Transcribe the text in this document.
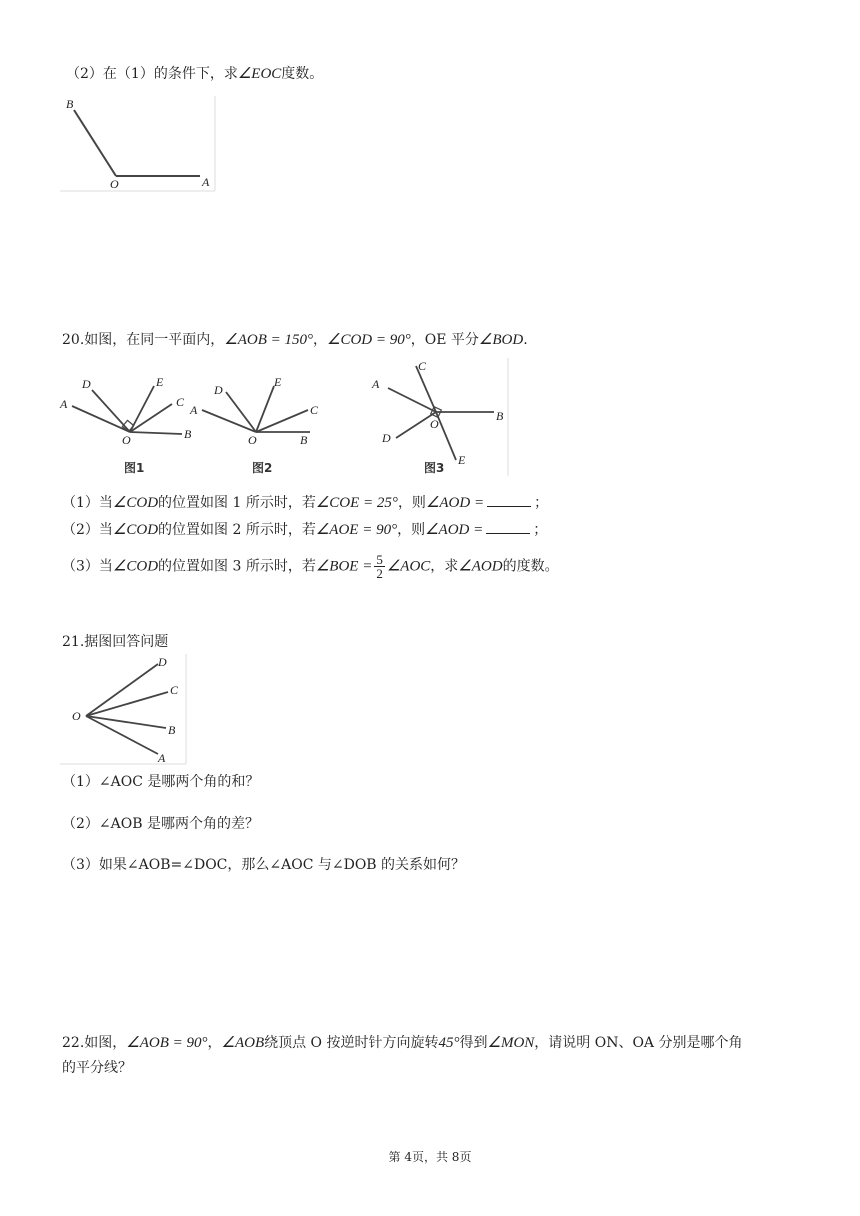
（2）在（1）的条件下，求∠EOC度数。
B
O	A
20.如图，在同一平面内，∠AOB = 150°，∠COD = 90°，OE 平分∠BOD.
A
D	E
C
B
O
图1
A
D
E
C
B
O
图2
A
C
B
O
D
E
图3
（1）当∠COD的位置如图 1 所示时，若∠COE = 25°，则∠AOD =	；
（2）当∠COD的位置如图 2 所示时，若∠AOE = 90°，则∠AOD =	；
（3）当∠COD的位置如图 3 所示时，若∠BOE = $\frac{5}{2}$ ∠AOC，求∠AOD的度数。
21.据图回答问题
O
D
C
B
A
（1）∠AOC 是哪两个角的和？
（2）∠AOB 是哪两个角的差？
（3）如果∠AOB=∠DOC，那么∠AOC 与∠DOB 的关系如何？
22.如图，∠AOB = 90°，∠AOB绕顶点 O 按逆时针方向旋转45°得到∠MON，请说明 ON、OA 分别是哪个角
的平分线？
第 4页，共 8页
